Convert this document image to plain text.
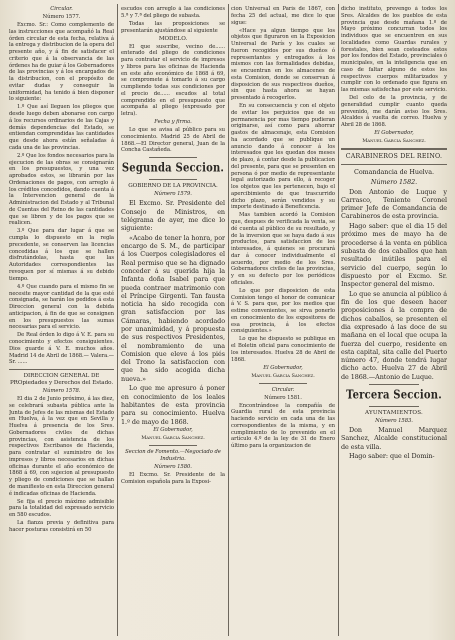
Circular.

Número 1577.

Excmo. Sr.: Como complemento de las instrucciones que acompañó la Real órden circular de esta fecha, relativa á la entrega y distribucion de la opera del presente año, y á fin de satisfacer el criterio que á la observancia de las órdenes ha de guiar á los Gobernadores de las provincias y á los encargados de la distribucion, con el propósito de evitar dudas y conseguir la uniformidad, ha tenido á bien disponer lo siguiente:

1.º Que así lleguen los pliegos que desde luego deben abonarse con cargo á los recursos ordinarios de las Cajas y demás dependencias del Estado, se entiendan comprendidas las cantidades que desde ahora están señaladas á cada una de las provincias.

2.º Que los fondos necesarios para la ejecucion de las obras se consignarán en los presupuestos, y una vez aprobados estos, se librarán por las Ordenaciones de pagos, con arreglo á los créditos concedidos, dando cuenta á la Intervencion general de la Administracion del Estado y al Tribunal de Cuentas del Reino de las cantidades que se libren y de los pagos que se realicen.

3.º Que para dar lugar á que se cumpla lo dispuesto en la regla precedente, se conserven las licencias concedidas á los que se hallen disfrutándolas, hasta que las Autoridades correspondientes las revoquen por sí mismas á su debido tiempo.

4.º Que cuando para el mismo fin se necesite mayor cantidad de la que esté consignada, se harán los pedidos á esta Direccion general con la debida anticipacion, á fin de que se consignen en los presupuestos las sumas necesarias para el servicio.

De Real órden lo digo á V. E. para su conocimiento y efectos consiguientes. Dios guarde á V. E. muchos años. Madrid 14 de Abril de 1868.— Valera.—Sr. ......

DIRECCION GENERAL DE PROpiedades y Derechos del Estado.

Número 1578.

El dia 2 de Junio próximo, á las diez, se celebrará subasta pública ante la Junta de Jefes de las mismas del Estado en Huelva, á la vez que en Sevilla y Huelva á presencia de los Sres. Gobernadores civiles de dichas provincias, con asistencia de los respectivos Escribanos de Hacienda, para contratar el suministro de los impresos y libros necesarios en dichas oficinas durante el año económico de 1868 á 69, con sujecion al presupuesto y pliego de condiciones que se hallan de manifiesto en esta Direccion general é indicadas oficinas de Hacienda.

Se fija el precio máximo admisible para la totalidad del expresado servicio en 580 escudos.

La fianza previa y definitiva para hacer posturas consistirá en 50

escudos con arreglo á las condiciones 5.ª y 7.ª del pliego de subasta.

Todas las proposiciones se presentarán ajustándose al siguiente

MODELO.

El que suscribe, vecino de...... enterado del pliego de condiciones para contratar el servicio de impresos y libros para las oficinas de Hacienda en este año económico de 1868 á 69, se compromete á tomarlo á su cargo cumpliendo todas sus condiciones por el precio de...... escudos al total comprendido en el presupuesto que acompaña al pliego (expresado por letra).

Fecha y firma.

Lo que se avisa al público para su conocimiento. Madrid 25 de Abril de 1868.—El Director general, Juan de la Concha Castañeda.

Segunda Seccion.

GOBIERNO DE LA PROVINCIA.

Número 1579.

El Excmo. Sr. Presidente del Consejo de Ministros, en telégrama de ayer, me dice lo siguiente:

«Acabo de tener la honra, por encargo de S. M., de participar á los Cuerpos colegisladores el Real permiso que se ha dignado conceder á su querida hija la Infanta doña Isabel para que pueda contraer matrimonio con el Príncipe Girgenti. Tan fausta noticia ha sido recogida con gran satisfaccion por las Cámaras, habiendo acordado por unanimidad, y á propuesta de sus respectivos Presidentes, el nombramiento de una Comision que eleve á los piés del Trono la satisfaccion con que ha sido acogida dicha nueva.»

Lo que me apresuro á poner en conocimiento de los leales habitantes de esta provincia para su conocimiento. Huelva 1.º de mayo de 1868.

El Gobernador,

Manuel Garcia Sanchez.

Seccion de Fomento.—Negociado de Industria.

Número 1580.

El Excmo. Sr. Presidente de la Comision española para la Exposi-

cion Universal en París de 1867, con fecha 25 del actual, me dice lo que sigue:

«Hace ya algun tiempo que los objetos que figuraron en la Exposicion Universal de París y los cuales se fueron recogidos por sus dueños ó representantes y entregados á los mismos con las formalidades debidas, se encuentran en los almacenes de esta Comision, donde se conservan á disposicion de sus respectivos dueños, sin que hasta ahora se hayan presentado á recogerlos.

En su consecuencia y con el objeto de evitar los perjuicios que de su permanencia por mas tiempo pudieran originarse, así como para ahorrar gastos de almacenaje, esta Comision ha acordado que se publique un anuncio dando á conocer á los interesados que les quedan dos meses de plazo, á contar desde la publicacion del presente, para que se presenten en persona ó por medio de representante legal autorizado para ello, á recoger los objetos que les pertenecen, bajo el apercibimiento de que trascurrido dicho plazo, serán vendidos y su importe destinado á Beneficencia.

Mas tambien acordó la Comision que, despues de verificada la venta, se dé cuenta al público de su resultado, y de la inversion que se haya dado á sus productos, para satisfaccion de los interesados, á quienes se procurará dar á conocer individualmente el acuerdo, por medio de los Sres. Gobernadores civiles de las provincias, y en su defecto por los periódicos oficiales.

Lo que por disposicion de esta Comision tengo el honor de comunicar á V. S. para que, por los medios que estime convenientes, se sirva ponerlo en conocimiento de los expositores de esa provincia, á los efectos consiguientes.»

Lo que he dispuesto se publique en el Boletin oficial para conocimiento de los interesados. Huelva 28 de Abril de 1868.

El Gobernador,

Manuel Garcia Sanchez.

Circular.

Número 1581.

Encontrándose la compañía de Guardia rural de esta provincia haciendo servicio en cada una de las correspondientes de la misma, y en cumplimiento de lo prevenido en el artículo 4.º de la ley de 31 de Enero último para la organizacion de

dicho instituto, prevengo á todos los Sres. Alcaldes de los pueblos de esta provincia que desde mañana 1.º de Mayo próximo concurran todos los individuos que se encuentren en sus localidades como Guardas rurales y forestales, bien sean costeados estos por los fondos del Estado, provinciales ó municipales, en la inteligencia que en caso de faltar alguno de estos los respectivos cuerpos militarizados y cumplir con lo ordenado que figura en las mismas satisfechas por este servicio.

Del celo de la provincia, y de generalidad cumplir cuanto queda prevenido, me darán aviso los Sres. Alcaldes á vuelta de correo. Huelva y Abril 28 de 1868.

El Gobernador,

Manuel Garcia Sanchez.

CARABINEROS DEL REINO.

Comandancia de Huelva.

Número 1582.

Don Antonio de Luque y Carrasco, Teniente Coronel primer Jefe de Comandancia de Carabineros de esta provincia.

Hago saber: que el dia 15 del próximo mes de mayo ha de procederse á la venta en pública subasta de dos caballos que han resultado inútiles para el servicio del cuerpo, según lo dispuesto por el Excmo. Sr. Inspector general del mismo.

Lo que se anuncia al público á fin de los que deseen hacer proposiciones á la compra de dichos caballos, se presenten el dia expresado á las doce de su mañana en el local que ocupa la fuerza del cuerpo, residente en esta capital, sita calle del Puerto número 47, donde tendrá lugar dicho acto. Huelva 27 de Abril de 1868.—Antonio de Luque.

Tercera Seccion.

AYUNTAMIENTOS.

Número 1583.

Don Manuel Marquez Sanchez, Alcalde constitucional de esta villa.

Hago saber: que el Domin-
